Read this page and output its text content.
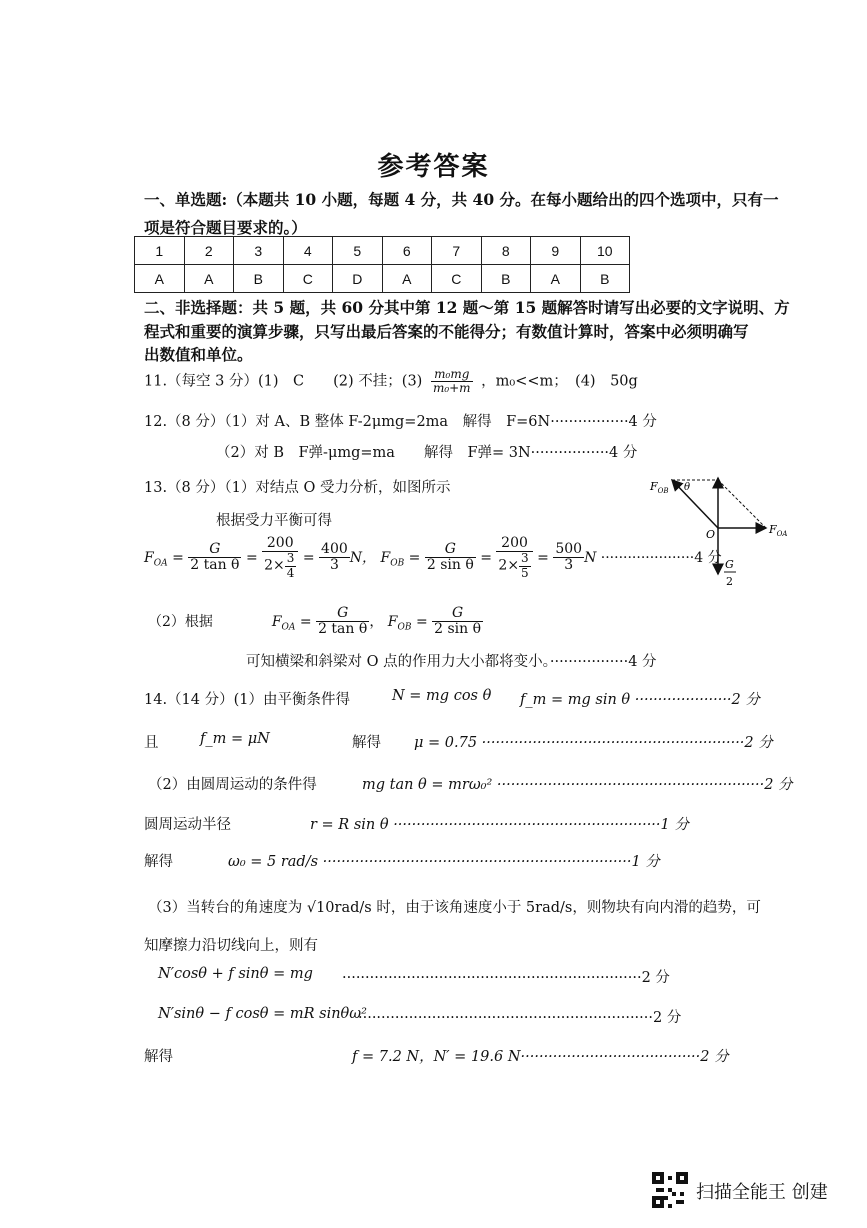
参考答案
一、单选题:（本题共 10 小题，每题 4 分，共 40 分。在每小题给出的四个选项中，只有一
项是符合题目要求的。）
1	2	3	4	5	6	7	8	9	10
A	A	B	C	D	A	C	B	A	B
二、非选择题：共 5 题，共 60 分其中第 12 题～第 15 题解答时请写出必要的文字说明、方
程式和重要的演算步骤，只写出最后答案的不能得分；有数值计算时，答案中必须明确写
出数值和单位。
11.（每空 3 分）(1)　C　　(2) 不挂；$(3) \frac{\text{m₀mg}}{\text{m₀+m}}$ ，m₀<<m；　(4)　50g
12.（8 分）（1）对 A、B 整体 F-2μmg=2ma　解得　F=6N·················4 分
（2）对 B　F弹-μmg=ma　　解得　F弹= 3N·················4 分
13.（8 分）（1）对结点 O 受力分析，如图所示
根据受力平衡可得
$F_{OA} = \frac{G}{\text{2 tan θ}} = \frac{200}{2\times \frac{3}{4}} = \frac{400}{3}$ N， $F_{OB} = \frac{G}{\text{2 sin θ}} = \frac{200}{2\times \frac{3}{5}} = \frac{500}{3}$ N ·····················4 分
（2）根据	$F_{OA} = \frac{G}{\text{2 tan θ}}$ ， $F_{OB} = \frac{G}{\text{2 sin θ}}$
可知横梁和斜梁对 O 点的作用力大小都将变小。·················4 分
$F_{OB}$ θ
O	$F_{OA}$
G
2
14.（14 分）(1）由平衡条件得	N = mg cos θ f_m = mg sin θ ·····················2 分
且	f_m = μN	解得 μ = 0.75 ·························································2 分
（2）由圆周运动的条件得	mg tan θ = mrω₀² ··························································2 分
圆周运动半径	r = R sin θ ··························································1 分
解得	ω₀ = 5 rad/s ···································································1 分
（3）当转台的角速度为 √10rad/s 时，由于该角速度小于 5rad/s，则物块有向内滑的趋势，可
知摩擦力沿切线向上，则有
N′cosθ + f sinθ = mg ·································································2 分
N′sinθ − f cosθ = mR sinθω²
································································2 分
解得	f = 7.2 N，N′ = 19.6 N·······································2 分
扫描全能王 创建
